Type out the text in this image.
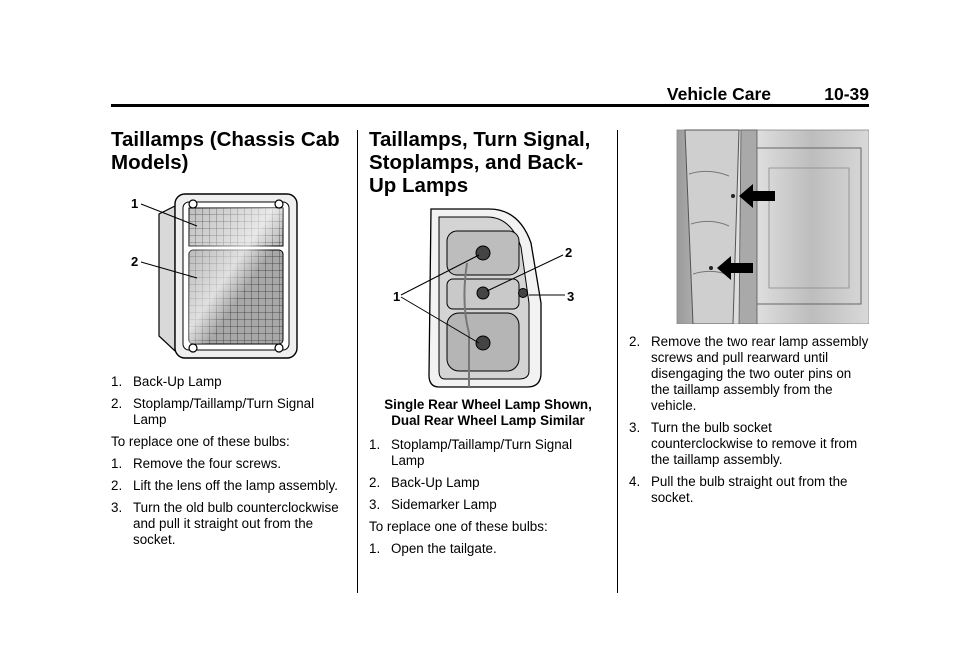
Vehicle Care	10-39
Taillamps (Chassis Cab Models)
1
2
1. Back-Up Lamp
2. Stoplamp/Taillamp/Turn Signal Lamp

To replace one of these bulbs:

1. Remove the four screws.
2. Lift the lens off the lamp assembly.
3. Turn the old bulb counterclockwise and pull it straight out from the socket.
Taillamps, Turn Signal, Stoplamps, and Back-Up Lamps
1
2
3
Single Rear Wheel Lamp Shown, Dual Rear Wheel Lamp Similar
1. Stoplamp/Taillamp/Turn Signal Lamp
2. Back-Up Lamp
3. Sidemarker Lamp

To replace one of these bulbs:

1. Open the tailgate.
2. Remove the two rear lamp assembly screws and pull rearward until disengaging the two outer pins on the taillamp assembly from the vehicle.
3. Turn the bulb socket counterclockwise to remove it from the taillamp assembly.
4. Pull the bulb straight out from the socket.
